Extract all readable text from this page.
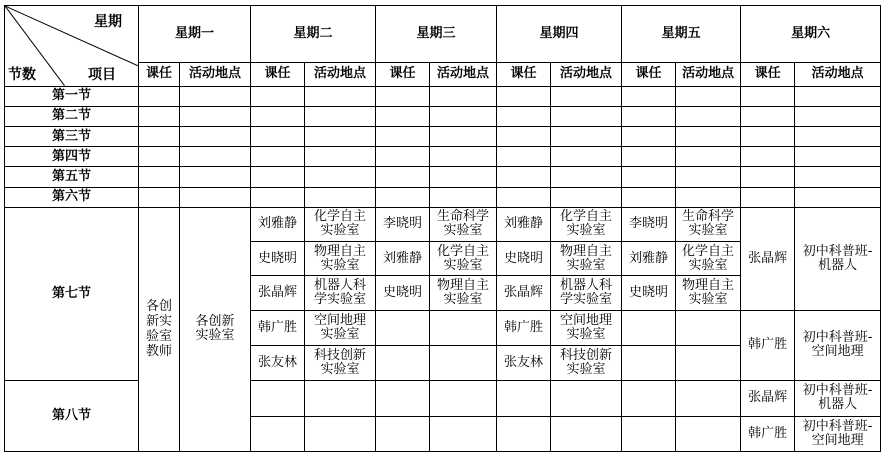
星期
节数 项目	星期一		星期二		星期三		星期四		星期五		星期六	
	课任	活动地点	课任	活动地点	课任	活动地点	课任	活动地点	课任	活动地点	课任	活动地点
第一节												
第二节												
第三节												
第四节												
第五节												
第六节												
第七节	各创新实验室教师	各创新实验室	刘雅静	化学自主实验室	李晓明	生命科学实验室	刘雅静	化学自主实验室	李晓明	生命科学实验室	张晶辉	初中科普班-机器人

			史晓明	物理自主实验室	刘雅静	化学自主实验室	史晓明	物理自主实验室	刘雅静	化学自主实验室		

			张晶辉	机器人科学实验室	史晓明	物理自主实验室	张晶辉	机器人科学实验室	史晓明	物理自主实验室		

			韩广胜	空间地理实验室			韩广胜	空间地理实验室			韩广胜	初中科普班-空间地理

			张友林	科技创新实验室			张友林	科技创新实验室				

第八节											张晶辉	初中科普班-机器人

											韩广胜	初中科普班-空间地理
